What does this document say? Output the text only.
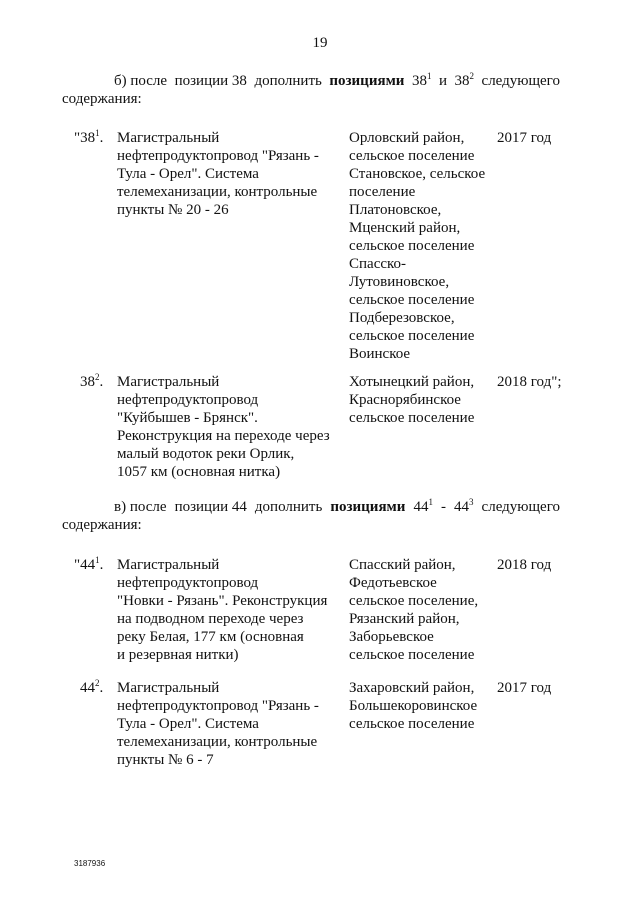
19
б) после позиции 38 дополнить позициями $38^1$ и $38^2$ следующего
содержания:
"$38^1$. Магистральный
нефтепродуктопровод "Рязань -
Тула - Орел". Система
телемеханизации, контрольные
пункты № 20 - 26
Орловский район,
сельское поселение
Становское, сельское
поселение
Платоновское,
Мценский район,
сельское поселение
Спасско-
Лутовиновское,
сельское поселение
Подберезовское,
сельское поселение
Воинское
2017 год
$38^2$. Магистральный
нефтепродуктопровод
"Куйбышев - Брянск".
Реконструкция на переходе через
малый водоток реки Орлик,
1057 км (основная нитка)
Хотынецкий район,
Краснорябинское
сельское поселение
2018 год";
в) после позиции 44 дополнить позициями $44^1 - 44^3$ следующего
содержания:
"$44^1$. Магистральный
нефтепродуктопровод
"Новки - Рязань". Реконструкция
на подводном переходе через
реку Белая, 177 км (основная
и резервная нитки)
Спасский район,
Федотьевское
сельское поселение,
Рязанский район,
Заборьевское
сельское поселение
2018 год
$44^2$. Магистральный
нефтепродуктопровод "Рязань -
Тула - Орел". Система
телемеханизации, контрольные
пункты № 6 - 7
Захаровский район,
Большекоровинское
сельское поселение
2017 год
3187936
